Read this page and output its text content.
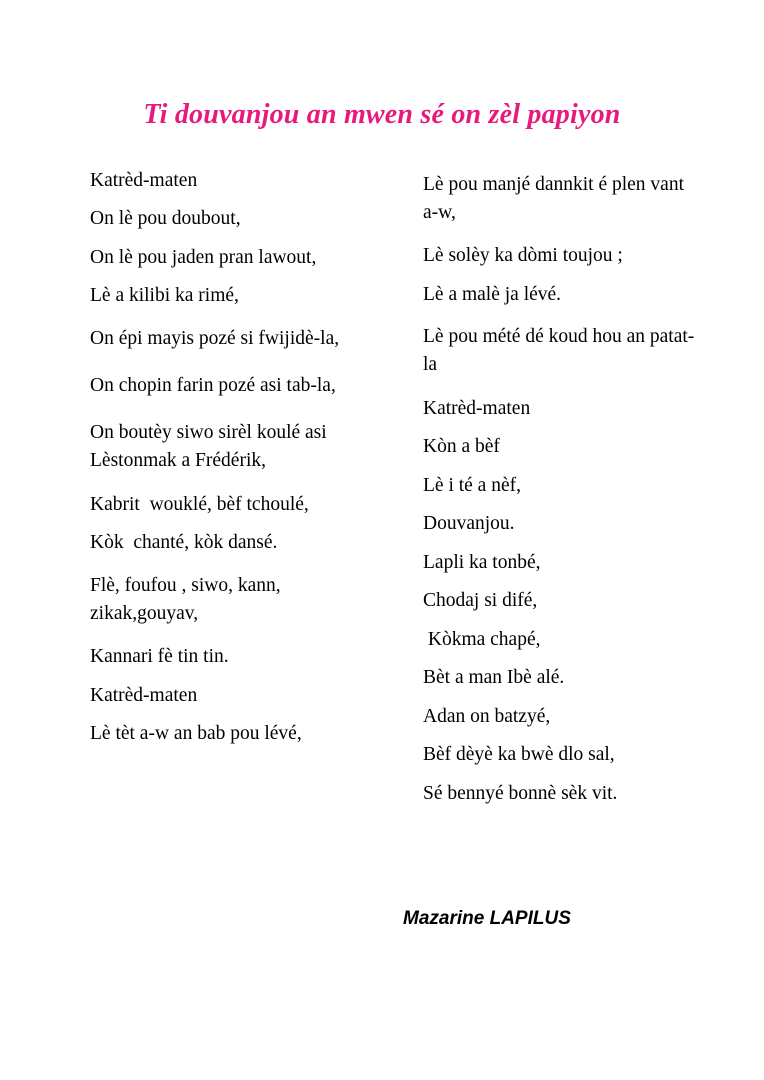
Ti douvanjou an mwen sé on zèl papiyon
Katrèd-maten
On lè pou doubout,
On lè pou jaden pran lawout,
Lè a kilibi ka rimé,
On épi mayis pozé si fwijidè-la,
On chopin farin pozé asi tab-la,
On boutèy siwo sirèl koulé asi Lèstonmak a Frédérik,
Kabrit  wouklé, bèf tchoulé,
Kòk  chanté, kòk dansé.
Flè, foufou , siwo, kann, zikak,gouyav,
Kannari fè tin tin.
Katrèd-maten
Lè tèt a-w an bab pou lévé,
Lè pou manjé dannkit é plen vant a-w,
Lè solèy ka dòmi toujou ;
Lè a malè ja lévé.
Lè pou mété dé koud hou an patat-la
Katrèd-maten
Kòn a bèf
Lè i té a nèf,
Douvanjou.
Lapli ka tonbé,
Chodaj si difé,
Kòkma chapé,
Bèt a man Ibè alé.
Adan on batzyé,
Bèf dèyè ka bwè dlo sal,
Sé bennyé bonnè sèk vit.
Mazarine LAPILUS
